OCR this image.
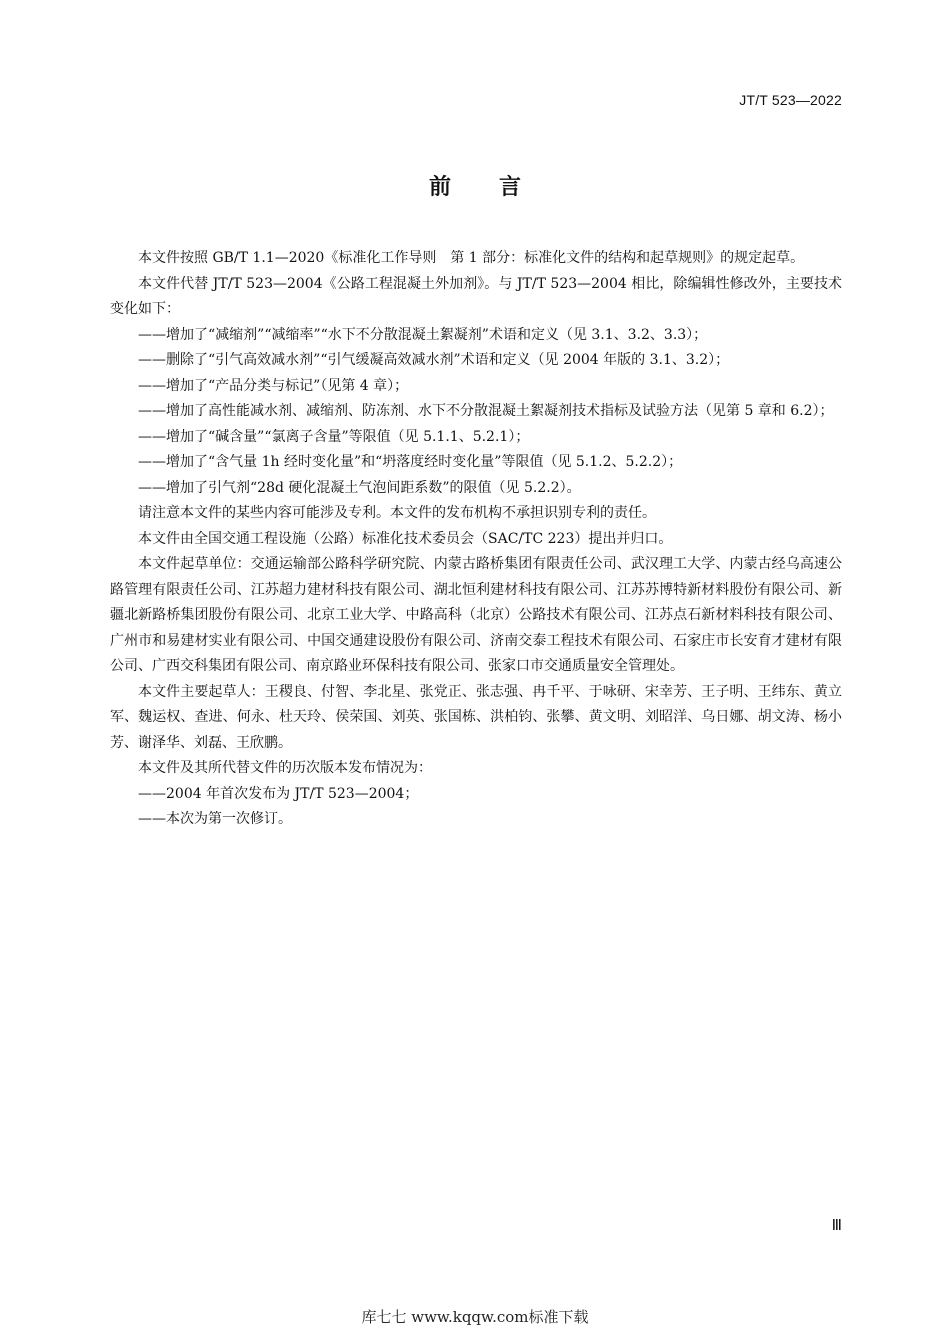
JT/T 523—2022
前言

本文件按照 GB/T 1.1—2020《标准化工作导则　第 1 部分：标准化文件的结构和起草规则》的规定起草。

本文件代替 JT/T 523—2004《公路工程混凝土外加剂》。与 JT/T 523—2004 相比，除编辑性修改外，主要技术变化如下：

——增加了“减缩剂”“减缩率”“水下不分散混凝土絮凝剂”术语和定义（见 3.1、3.2、3.3）；

——删除了“引气高效减水剂”“引气缓凝高效减水剂”术语和定义（见 2004 年版的 3.1、3.2）；

——增加了“产品分类与标记”（见第 4 章）；

——增加了高性能减水剂、减缩剂、防冻剂、水下不分散混凝土絮凝剂技术指标及试验方法（见第 5 章和 6.2）；

——增加了“碱含量”“氯离子含量”等限值（见 5.1.1、5.2.1）；

——增加了“含气量 1h 经时变化量”和“坍落度经时变化量”等限值（见 5.1.2、5.2.2）；

——增加了引气剂“28d 硬化混凝土气泡间距系数”的限值（见 5.2.2）。

请注意本文件的某些内容可能涉及专利。本文件的发布机构不承担识别专利的责任。

本文件由全国交通工程设施（公路）标准化技术委员会（SAC/TC 223）提出并归口。

本文件起草单位：交通运输部公路科学研究院、内蒙古路桥集团有限责任公司、武汉理工大学、内蒙古经乌高速公路管理有限责任公司、江苏超力建材科技有限公司、湖北恒利建材科技有限公司、江苏苏博特新材料股份有限公司、新疆北新路桥集团股份有限公司、北京工业大学、中路高科（北京）公路技术有限公司、江苏点石新材料科技有限公司、广州市和易建材实业有限公司、中国交通建设股份有限公司、济南交泰工程技术有限公司、石家庄市长安育才建材有限公司、广西交科集团有限公司、南京路业环保科技有限公司、张家口市交通质量安全管理处。

本文件主要起草人：王稷良、付智、李北星、张党正、张志强、冉千平、于咏研、宋幸芳、王子明、王纬东、黄立军、魏运权、查进、何永、杜天玲、侯荣国、刘英、张国栋、洪柏钧、张攀、黄文明、刘昭洋、乌日娜、胡文涛、杨小芳、谢泽华、刘磊、王欣鹏。

本文件及其所代替文件的历次版本发布情况为：

——2004 年首次发布为 JT/T 523—2004；

——本次为第一次修订。

Ⅲ
库七七 www.kqqw.com标准下载
